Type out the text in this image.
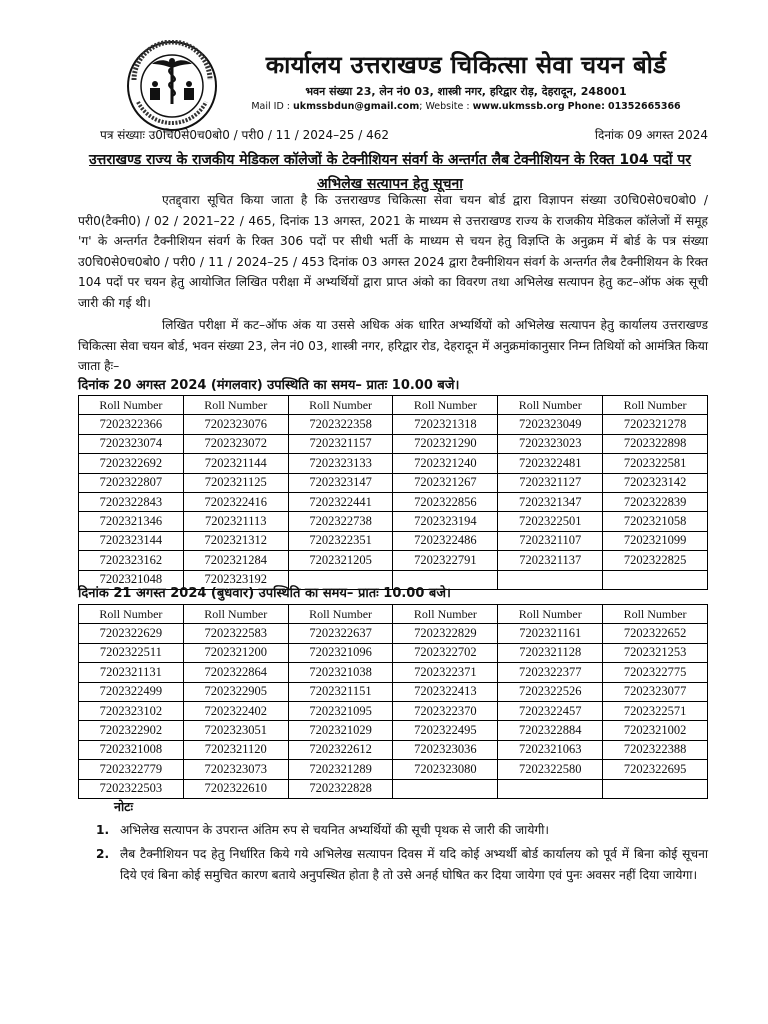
कार्यालय उत्तराखण्ड चिकित्सा सेवा चयन बोर्ड
भवन संख्या 23, लेन नं0 03, शास्त्री नगर, हरिद्वार रोड़, देहरादून, 248001
Mail ID : ukmssbdun@gmail.com; Website : www.ukmssb.org Phone: 01352665366
पत्र संख्याः उ0चि0से0च0बो0 / परी0 / 11 / 2024–25 / 462	दिनांक 09 अगस्त 2024
उत्तराखण्ड राज्य के राजकीय मेडिकल कॉलेजों के टेक्नीशियन संवर्ग के अन्तर्गत लैब टेक्नीशियन के रिक्त 104 पदों पर अभिलेख सत्यापन हेतु सूचना
एतद्द्वारा सूचित किया जाता है कि उत्तराखण्ड चिकित्सा सेवा चयन बोर्ड द्वारा विज्ञापन संख्या उ0चि0से0च0बो0 / परी0(टैक्नी0) / 02 / 2021–22 / 465, दिनांक 13 अगस्त, 2021 के माध्यम से उत्तराखण्ड राज्य के राजकीय मेडिकल कॉलेजों में समूह 'ग' के अन्तर्गत टैक्नीशियन संवर्ग के रिक्त 306 पदों पर सीधी भर्ती के माध्यम से चयन हेतु विज्ञप्ति के अनुक्रम में बोर्ड के पत्र संख्या उ0चि0से0च0बो0 / परी0 / 11 / 2024–25 / 453 दिनांक 03 अगस्त 2024 द्वारा टैक्नीशियन संवर्ग के अन्तर्गत लैब टैक्नीशियन के रिक्त 104 पदों पर चयन हेतु आयोजित लिखित परीक्षा में अभ्यर्थियों द्वारा प्राप्त अंको का विवरण तथा अभिलेख सत्यापन हेतु कट–ऑफ अंक सूची जारी की गई थी।
लिखित परीक्षा में कट–ऑफ अंक या उससे अधिक अंक धारित अभ्यर्थियों को अभिलेख सत्यापन हेतु कार्यालय उत्तराखण्ड चिकित्सा सेवा चयन बोर्ड, भवन संख्या 23, लेन नं0 03, शास्त्री नगर, हरिद्वार रोड, देहरादून में अनुक्रमांकानुसार निम्न तिथियों को आमंत्रित किया जाता हैः–
दिनांक 20 अगस्त 2024 (मंगलवार) उपस्थिति का समय– प्रातः 10.00 बजे।
Roll Number	Roll Number	Roll Number	Roll Number	Roll Number	Roll Number
7202322366	7202323076	7202322358	7202321318	7202323049	7202321278
7202323074	7202323072	7202321157	7202321290	7202323023	7202322898
7202322692	7202321144	7202323133	7202321240	7202322481	7202322581
7202322807	7202321125	7202323147	7202321267	7202321127	7202323142
7202322843	7202322416	7202322441	7202322856	7202321347	7202322839
7202321346	7202321113	7202322738	7202323194	7202322501	7202321058
7202323144	7202321312	7202322351	7202322486	7202321107	7202321099
7202323162	7202321284	7202321205	7202322791	7202321137	7202322825
7202321048	7202323192				
दिनांक 21 अगस्त 2024 (बुधवार) उपस्थिति का समय– प्रातः 10.00 बजे।
Roll Number	Roll Number	Roll Number	Roll Number	Roll Number	Roll Number
7202322629	7202322583	7202322637	7202322829	7202321161	7202322652
7202322511	7202321200	7202321096	7202322702	7202321128	7202321253
7202321131	7202322864	7202321038	7202322371	7202322377	7202322775
7202322499	7202322905	7202321151	7202322413	7202322526	7202323077
7202323102	7202322402	7202321095	7202322370	7202322457	7202322571
7202322902	7202323051	7202321029	7202322495	7202322884	7202321002
7202321008	7202321120	7202322612	7202323036	7202321063	7202322388
7202322779	7202323073	7202321289	7202323080	7202322580	7202322695
7202322503	7202322610	7202322828			
नोटः
1. अभिलेख सत्यापन के उपरान्त अंतिम रुप से चयनित अभ्यर्थियों की सूची पृथक से जारी की जायेगी।
2. लैब टैक्नीशियन पद हेतु निर्धारित किये गये अभिलेख सत्यापन दिवस में यदि कोई अभ्यर्थी बोर्ड कार्यालय को पूर्व में बिना कोई सूचना दिये एवं बिना कोई समुचित कारण बताये अनुपस्थित होता है तो उसे अनर्ह घोषित कर दिया जायेगा एवं पुनः अवसर नहीं दिया जायेगा।
